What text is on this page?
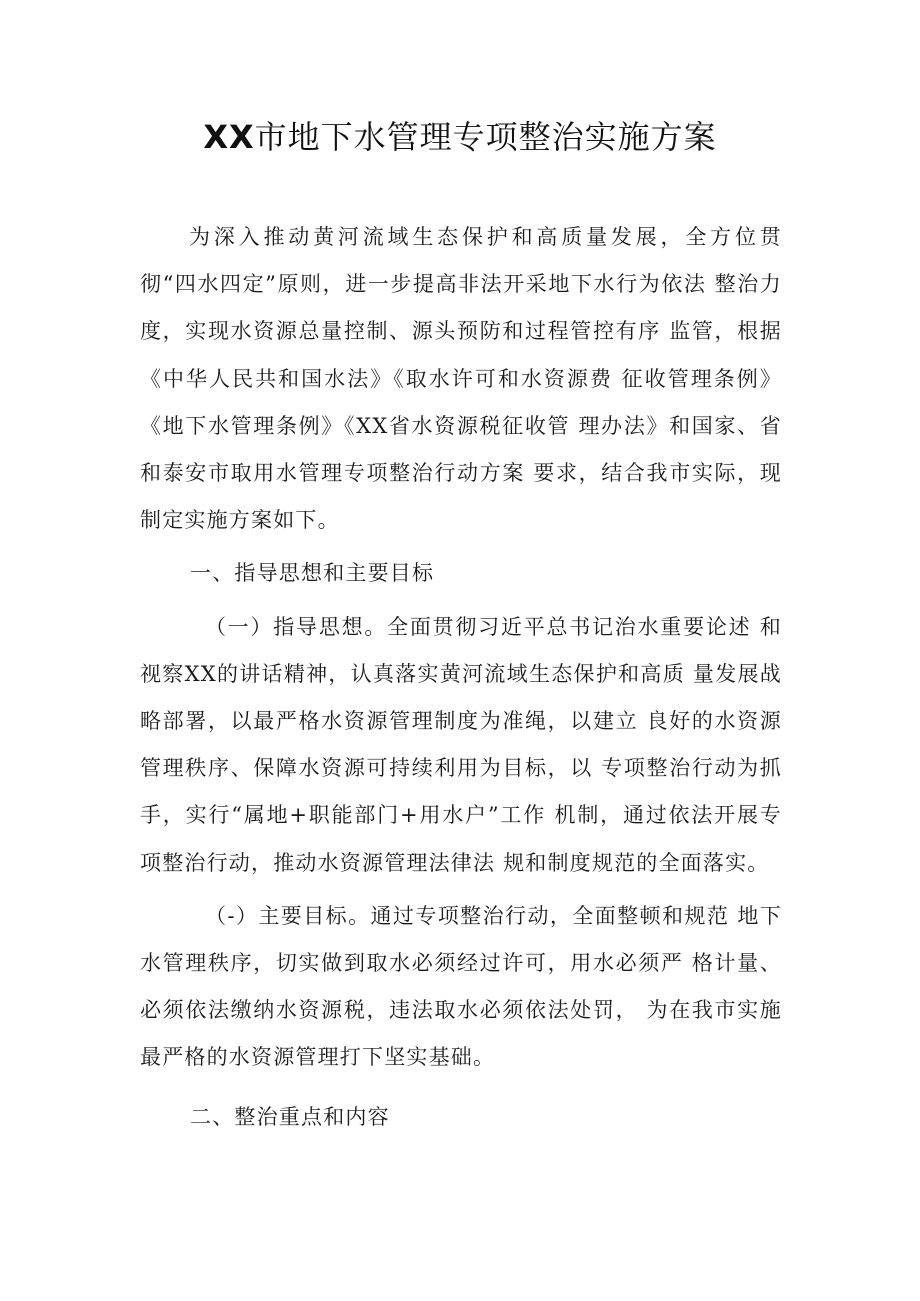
XX市地下水管理专项整治实施方案

为深入推动黄河流域生态保护和高质量发展，全方位贯 彻“四水四定”原则，进一步提高非法开采地下水行为依法 整治力度，实现水资源总量控制、源头预防和过程管控有序 监管，根据《中华人民共和国水法》《取水许可和水资源费 征收管理条例》《地下水管理条例》《XX省水资源税征收管 理办法》和国家、省和泰安市取用水管理专项整治行动方案 要求，结合我市实际，现制定实施方案如下。

一、指导思想和主要目标

（一）指导思想。全面贯彻习近平总书记治水重要论述 和视察XX的讲话精神，认真落实黄河流域生态保护和高质 量发展战略部署，以最严格水资源管理制度为准绳，以建立 良好的水资源管理秩序、保障水资源可持续利用为目标，以 专项整治行动为抓手，实行“属地+职能部门+用水户”工作 机制，通过依法开展专项整治行动，推动水资源管理法律法 规和制度规范的全面落实。

（-）主要目标。通过专项整治行动，全面整顿和规范 地下水管理秩序，切实做到取水必须经过许可，用水必须严 格计量、必须依法缴纳水资源税，违法取水必须依法处罚， 为在我市实施最严格的水资源管理打下坚实基础。

二、整治重点和内容
